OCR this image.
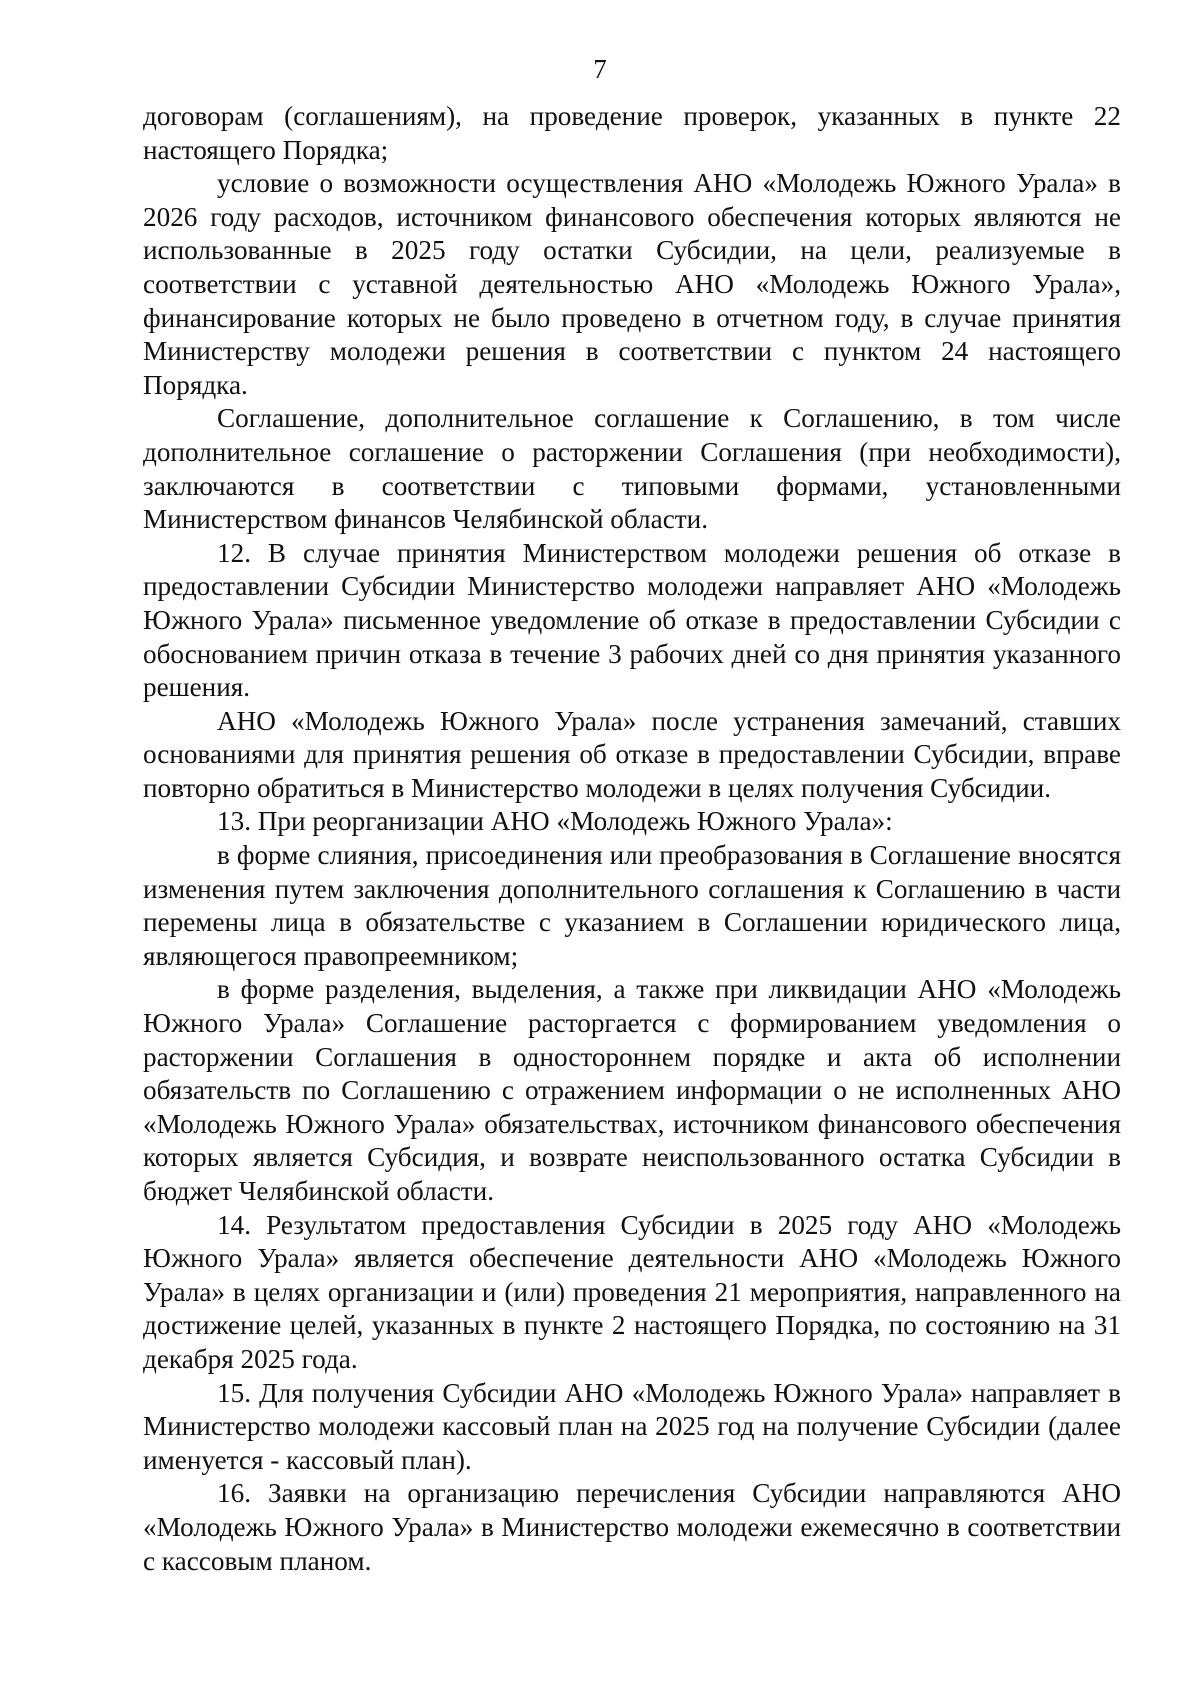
7

договорам (соглашениям), на проведение проверок, указанных в пункте 22 настоящего Порядка;

условие о возможности осуществления АНО «Молодежь Южного Урала» в 2026 году расходов, источником финансового обеспечения которых являются не использованные в 2025 году остатки Субсидии, на цели, реализуемые в соответствии с уставной деятельностью АНО «Молодежь Южного Урала», финансирование которых не было проведено в отчетном году, в случае принятия Министерству молодежи решения в соответствии с пунктом 24 настоящего Порядка.

Соглашение, дополнительное соглашение к Соглашению, в том числе дополнительное соглашение о расторжении Соглашения (при необходимости), заключаются в соответствии с типовыми формами, установленными Министерством финансов Челябинской области.

12. В случае принятия Министерством молодежи решения об отказе в предоставлении Субсидии Министерство молодежи направляет АНО «Молодежь Южного Урала» письменное уведомление об отказе в предоставлении Субсидии с обоснованием причин отказа в течение 3 рабочих дней со дня принятия указанного решения.

АНО «Молодежь Южного Урала» после устранения замечаний, ставших основаниями для принятия решения об отказе в предоставлении Субсидии, вправе повторно обратиться в Министерство молодежи в целях получения Субсидии.

13. При реорганизации АНО «Молодежь Южного Урала»:

в форме слияния, присоединения или преобразования в Соглашение вносятся изменения путем заключения дополнительного соглашения к Соглашению в части перемены лица в обязательстве с указанием в Соглашении юридического лица, являющегося правопреемником;

в форме разделения, выделения, а также при ликвидации АНО «Молодежь Южного Урала» Соглашение расторгается с формированием уведомления о расторжении Соглашения в одностороннем порядке и акта об исполнении обязательств по Соглашению с отражением информации о не исполненных АНО «Молодежь Южного Урала» обязательствах, источником финансового обеспечения которых является Субсидия, и возврате неиспользованного остатка Субсидии в бюджет Челябинской области.

14. Результатом предоставления Субсидии в 2025 году АНО «Молодежь Южного Урала» является обеспечение деятельности АНО «Молодежь Южного Урала» в целях организации и (или) проведения 21 мероприятия, направленного на достижение целей, указанных в пункте 2 настоящего Порядка, по состоянию на 31 декабря 2025 года.

15. Для получения Субсидии АНО «Молодежь Южного Урала» направляет в Министерство молодежи кассовый план на 2025 год на получение Субсидии (далее именуется - кассовый план).

16. Заявки на организацию перечисления Субсидии направляются АНО «Молодежь Южного Урала» в Министерство молодежи ежемесячно в соответствии с кассовым планом.
